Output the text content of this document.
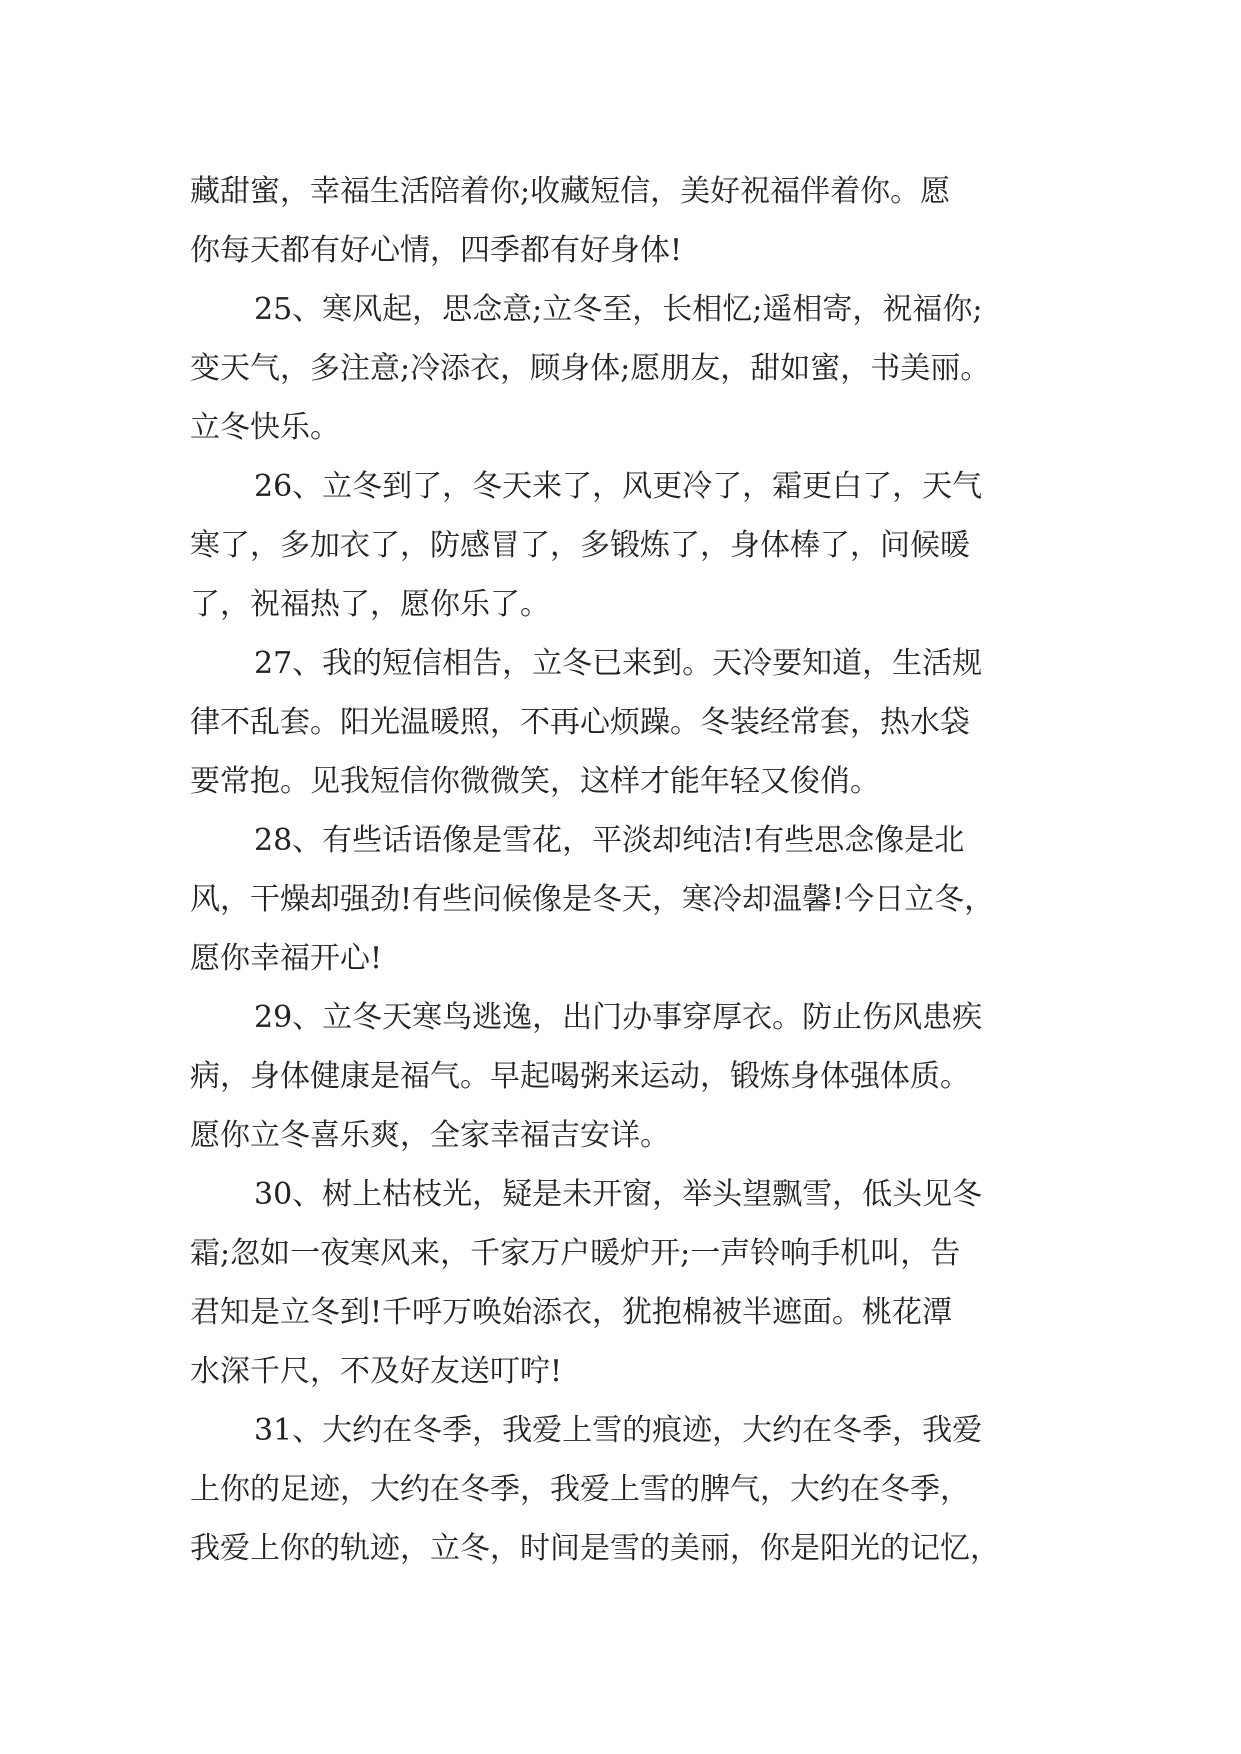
藏甜蜜，幸福生活陪着你;收藏短信，美好祝福伴着你。愿
你每天都有好心情，四季都有好身体!
25、寒风起，思念意;立冬至，长相忆;遥相寄，祝福你;
变天气，多注意;冷添衣，顾身体;愿朋友，甜如蜜，书美丽。
立冬快乐。
26、立冬到了，冬天来了，风更冷了，霜更白了，天气
寒了，多加衣了，防感冒了，多锻炼了，身体棒了，问候暖
了，祝福热了，愿你乐了。
27、我的短信相告，立冬已来到。天冷要知道，生活规
律不乱套。阳光温暖照，不再心烦躁。冬装经常套，热水袋
要常抱。见我短信你微微笑，这样才能年轻又俊俏。
28、有些话语像是雪花，平淡却纯洁!有些思念像是北
风，干燥却强劲!有些问候像是冬天，寒冷却温馨!今日立冬，
愿你幸福开心!
29、立冬天寒鸟逃逸，出门办事穿厚衣。防止伤风患疾
病，身体健康是福气。早起喝粥来运动，锻炼身体强体质。
愿你立冬喜乐爽，全家幸福吉安详。
30、树上枯枝光，疑是未开窗，举头望飘雪，低头见冬
霜;忽如一夜寒风来，千家万户暖炉开;一声铃响手机叫，告
君知是立冬到!千呼万唤始添衣，犹抱棉被半遮面。桃花潭
水深千尺，不及好友送叮咛!
31、大约在冬季，我爱上雪的痕迹，大约在冬季，我爱
上你的足迹，大约在冬季，我爱上雪的脾气，大约在冬季，
我爱上你的轨迹，立冬，时间是雪的美丽，你是阳光的记忆，
